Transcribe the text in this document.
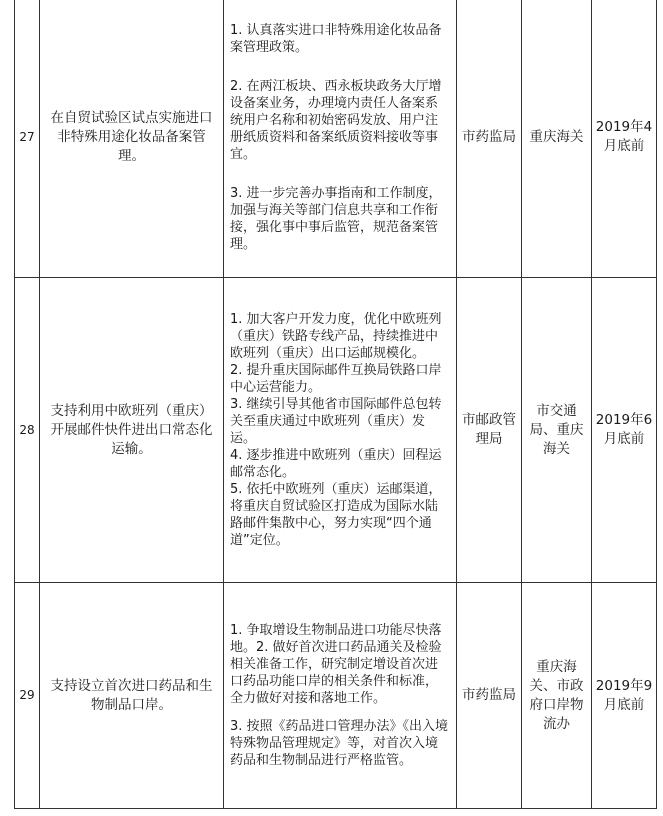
27	在自贸试验区试点实施进口非特殊用途化妆品备案管理。	1. 认真落实进口非特殊用途化妆品备案管理政策。
2. 在两江板块、西永板块政务大厅增设备案业务，办理境内责任人备案系统用户名称和初始密码发放、用户注册纸质资料和备案纸质资料接收等事宜。
3. 进一步完善办事指南和工作制度，加强与海关等部门信息共享和工作衔接，强化事中事后监管，规范备案管理。	市药监局	重庆海关	2019年4月底前
28	支持利用中欧班列（重庆）开展邮件快件进出口常态化运输。	1. 加大客户开发力度，优化中欧班列（重庆）铁路专线产品，持续推进中欧班列（重庆）出口运邮规模化。
2. 提升重庆国际邮件互换局铁路口岸中心运营能力。
3. 继续引导其他省市国际邮件总包转关至重庆通过中欧班列（重庆）发运。
4. 逐步推进中欧班列（重庆）回程运邮常态化。
5. 依托中欧班列（重庆）运邮渠道，将重庆自贸试验区打造成为国际水陆路邮件集散中心，努力实现“四个通道”定位。	市邮政管理局	市交通局、重庆海关	2019年6月底前
29	支持设立首次进口药品和生物制品口岸。	1. 争取增设生物制品进口功能尽快落地。2. 做好首次进口药品通关及检验相关准备工作，研究制定增设首次进口药品功能口岸的相关条件和标准，全力做好对接和落地工作。
3. 按照《药品进口管理办法》《出入境特殊物品管理规定》等，对首次入境药品和生物制品进行严格监管。	市药监局	重庆海关、市政府口岸物流办	2019年9月底前
